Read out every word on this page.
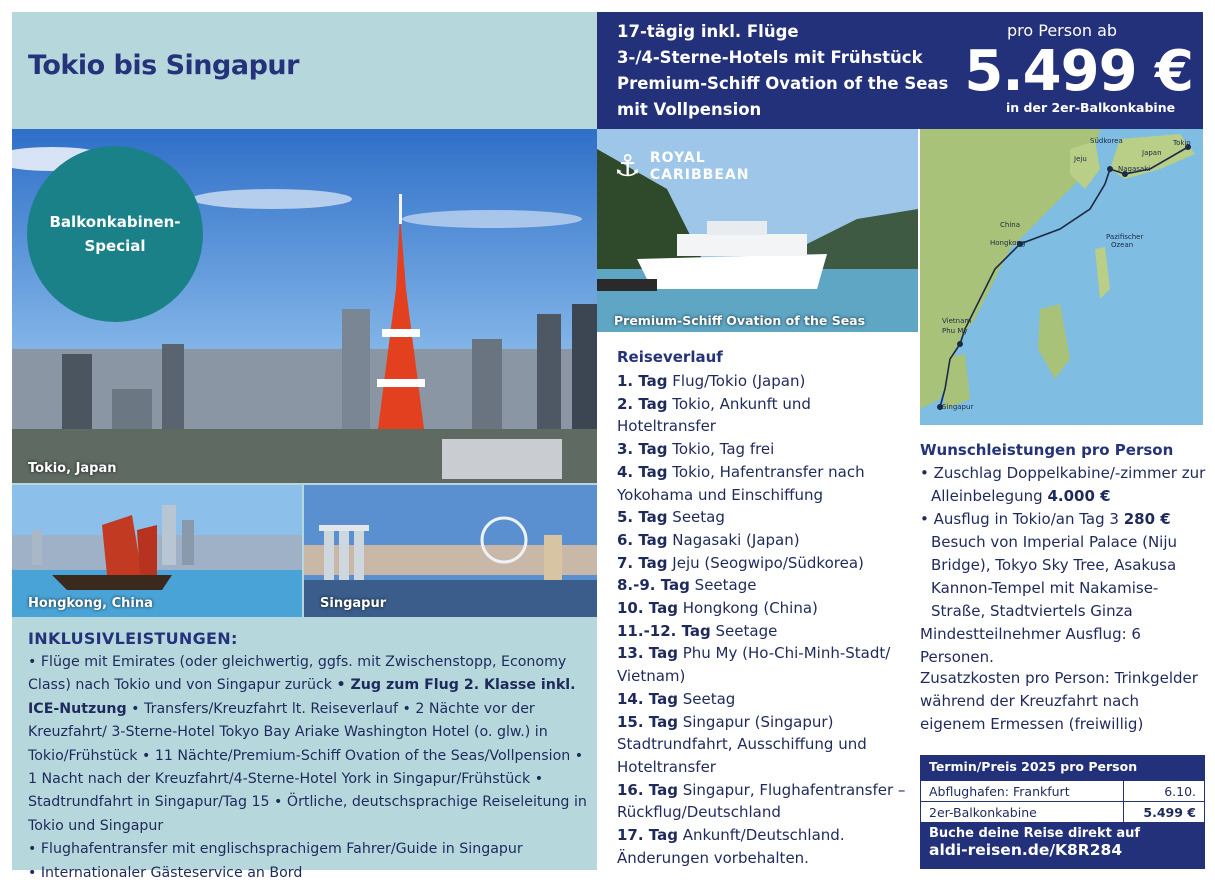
Tokio bis Singapur
Balkonkabinen-
Special
Tokio, Japan
Hongkong, China	Singapur
INKLUSIVLEISTUNGEN:
• Flüge mit Emirates (oder gleichwertig, ggfs. mit Zwischenstopp, Economy Class) nach Tokio und von Singapur zurück • Zug zum Flug 2. Klasse inkl. ICE-Nutzung • Transfers/Kreuzfahrt lt. Reiseverlauf • 2 Nächte vor der Kreuzfahrt/ 3-Sterne-Hotel Tokyo Bay Ariake Washington Hotel (o. glw.) in Tokio/Frühstück • 11 Nächte/Premium-Schiff Ovation of the Seas/Vollpension • 1 Nacht nach der Kreuzfahrt/4-Sterne-Hotel York in Singapur/Frühstück • Stadtrundfahrt in Singapur/Tag 15 • Örtliche, deutschsprachige Reiseleitung in Tokio und Singapur
• Flughafentransfer mit englischsprachigem Fahrer/Guide in Singapur
• Internationaler Gästeservice an Bord
17-tägig inkl. Flüge
3-/4-Sterne-Hotels mit Frühstück
Premium-Schiff Ovation of the Seas
mit Vollpension
pro Person ab
5.499 €
in der 2er-Balkonkabine
⚓ ROYAL CARIBBEAN
Premium-Schiff Ovation of the Seas
Tokio
Japan
Südkorea
Nagasaki
Jeju
China
Hongkong
Pazifischer
Ozean
Vietnam
Phu My
Singapur
Reiseverlauf
1. Tag Flug/Tokio (Japan)
2. Tag Tokio, Ankunft und Hoteltransfer
3. Tag Tokio, Tag frei
4. Tag Tokio, Hafentransfer nach Yokohama und Einschiffung
5. Tag Seetag
6. Tag Nagasaki (Japan)
7. Tag Jeju (Seogwipo/Südkorea)
8.-9. Tag Seetage
10. Tag Hongkong (China)
11.-12. Tag Seetage
13. Tag Phu My (Ho-Chi-Minh-Stadt/ Vietnam)
14. Tag Seetag
15. Tag Singapur (Singapur) Stadtrundfahrt, Ausschiffung und Hoteltransfer
16. Tag Singapur, Flughafentransfer – Rückflug/Deutschland
17. Tag Ankunft/Deutschland.
Änderungen vorbehalten.
Wunschleistungen pro Person
• Zuschlag Doppelkabine/-zimmer zur
Alleinbelegung 4.000 €
• Ausflug in Tokio/an Tag 3 280 €
Besuch von Imperial Palace (Niju Bridge), Tokyo Sky Tree, Asakusa Kannon-Tempel mit Nakamise-Straße, Stadtviertels Ginza
Mindestteilnehmer Ausflug: 6 Personen.
Zusatzkosten pro Person: Trinkgelder während der Kreuzfahrt nach eigenem Ermessen (freiwillig)
Termin/Preis 2025 pro Person
Abflughafen: Frankfurt	6.10.
2er-Balkonkabine	5.499 €
Buche deine Reise direkt auf
aldi-reisen.de/K8R284
